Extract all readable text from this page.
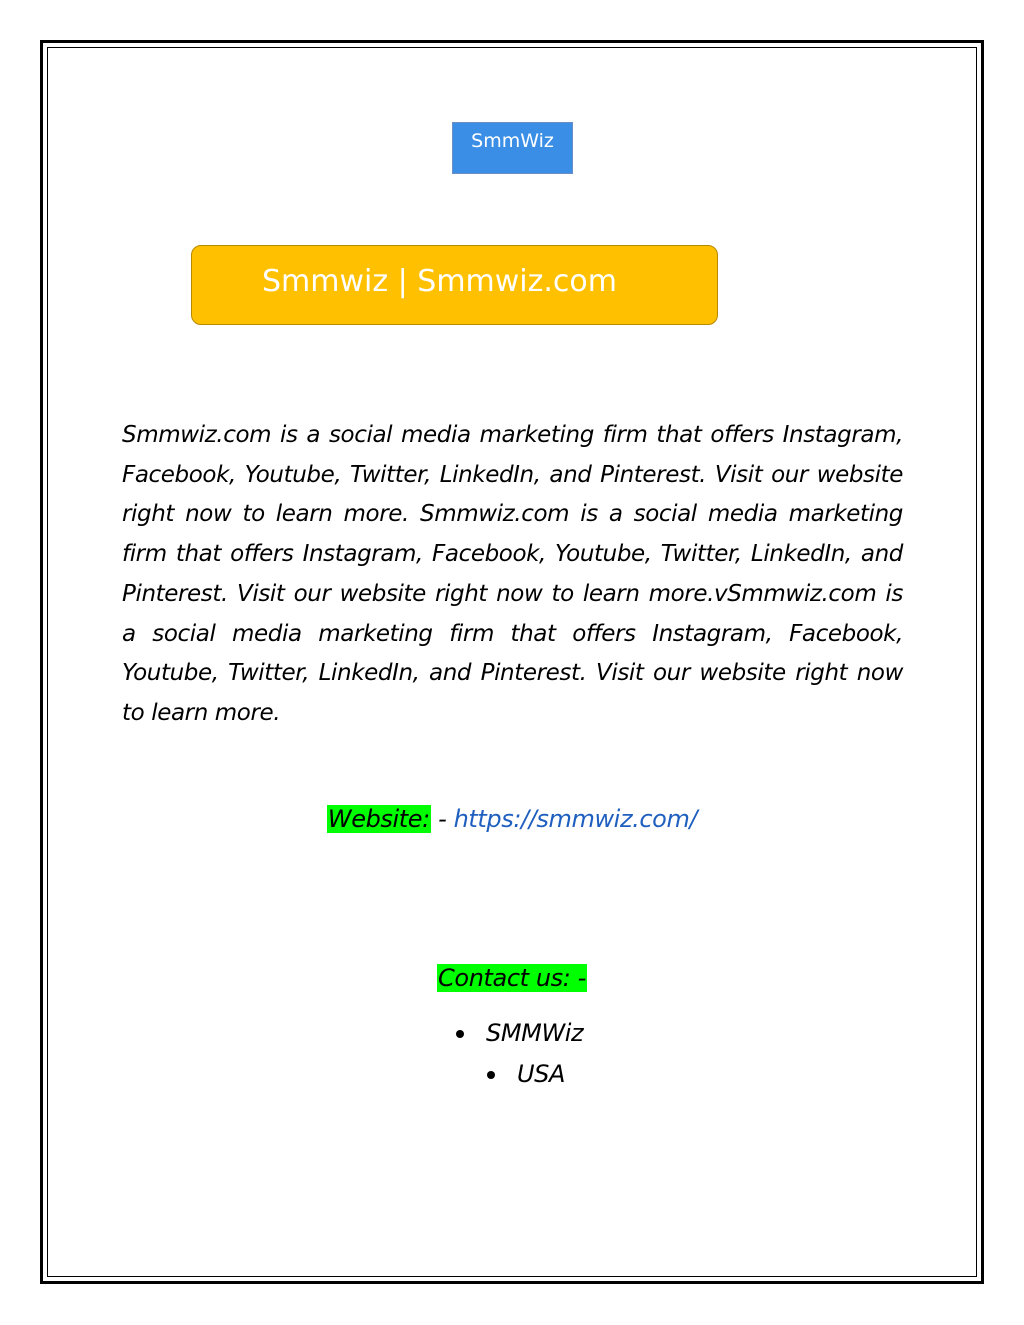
SmmWiz
Smmwiz | Smmwiz.com

Smmwiz.com is a social media marketing firm that offers Instagram, Facebook, Youtube, Twitter, LinkedIn, and Pinterest. Visit our website right now to learn more. Smmwiz.com is a social media marketing firm that offers Instagram, Facebook, Youtube, Twitter, LinkedIn, and Pinterest. Visit our website right now to learn more.vSmmwiz.com is a social media marketing firm that offers Instagram, Facebook, Youtube, Twitter, LinkedIn, and Pinterest. Visit our website right now to learn more.

Website: - https://smmwiz.com/
Contact us: -
SMMWiz
USA
